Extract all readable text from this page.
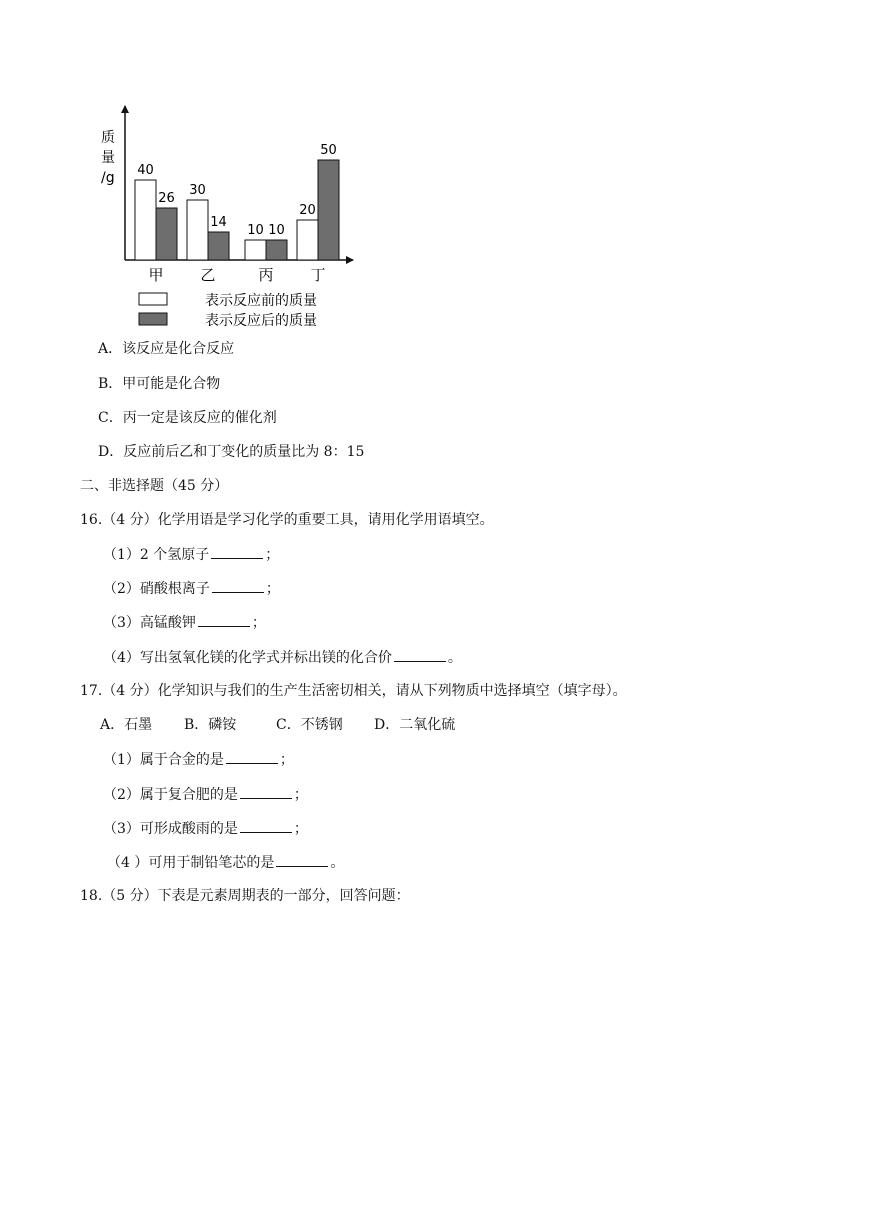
质
量
/g 40
26
甲
30
14
乙
10 10
丙
20
50
丁
表示反应前的质量
表示反应后的质量
A．该反应是化合反应
B．甲可能是化合物
C．丙一定是该反应的催化剂
D．反应前后乙和丁变化的质量比为 8：15
二、非选择题（45 分）
16.（4 分）化学用语是学习化学的重要工具，请用化学用语填空。
（1）2 个氢原子	；
（2）硝酸根离子	；
（3）高锰酸钾	；
（4）写出氢氧化镁的化学式并标出镁的化合价	。
17.（4 分）化学知识与我们的生产生活密切相关，请从下列物质中选择填空（填字母）。
A．石墨 B．磷铵	C．不锈钢 D．二氧化硫
（1）属于合金的是	；
（2）属于复合肥的是	；
（3）可形成酸雨的是	；
（4 ）可用于制铅笔芯的是	。
18.（5 分）下表是元素周期表的一部分，回答问题：
